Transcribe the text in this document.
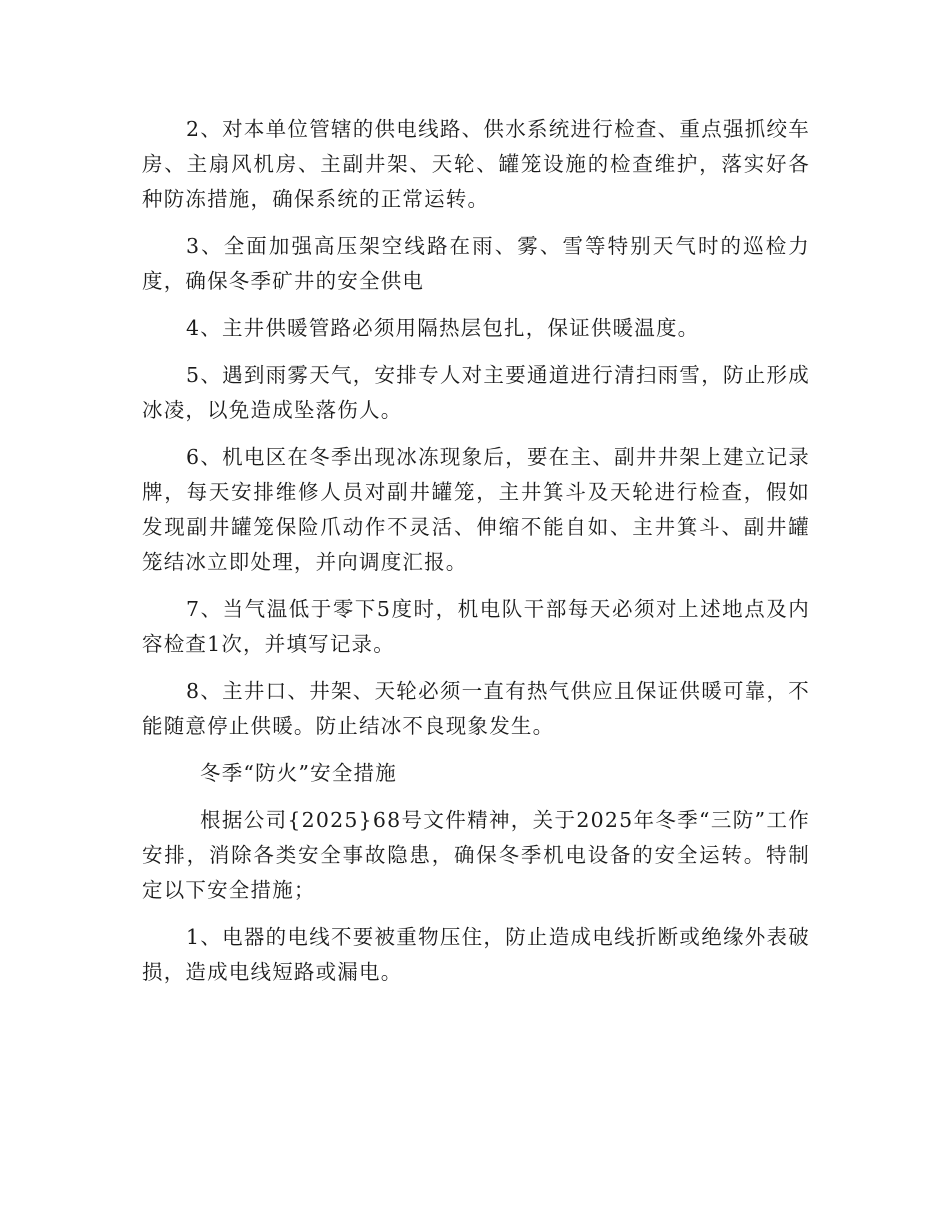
2、对本单位管辖的供电线路、供水系统进行检查、重点强抓绞车房、主扇风机房、主副井架、天轮、罐笼设施的检查维护，落实好各种防冻措施，确保系统的正常运转。

3、全面加强高压架空线路在雨、雾、雪等特别天气时的巡检力度，确保冬季矿井的安全供电

4、主井供暖管路必须用隔热层包扎，保证供暖温度。

5、遇到雨雾天气，安排专人对主要通道进行清扫雨雪，防止形成冰凌，以免造成坠落伤人。

6、机电区在冬季出现冰冻现象后，要在主、副井井架上建立记录牌，每天安排维修人员对副井罐笼，主井箕斗及天轮进行检查，假如发现副井罐笼保险爪动作不灵活、伸缩不能自如、主井箕斗、副井罐笼结冰立即处理，并向调度汇报。

7、当气温低于零下5度时，机电队干部每天必须对上述地点及内容检查1次，并填写记录。

8、主井口、井架、天轮必须一直有热气供应且保证供暖可靠，不能随意停止供暖。防止结冰不良现象发生。

冬季“防火”安全措施

根据公司{2025}68号文件精神，关于2025年冬季“三防”工作安排，消除各类安全事故隐患，确保冬季机电设备的安全运转。特制定以下安全措施；

1、电器的电线不要被重物压住，防止造成电线折断或绝缘外表破损，造成电线短路或漏电。
